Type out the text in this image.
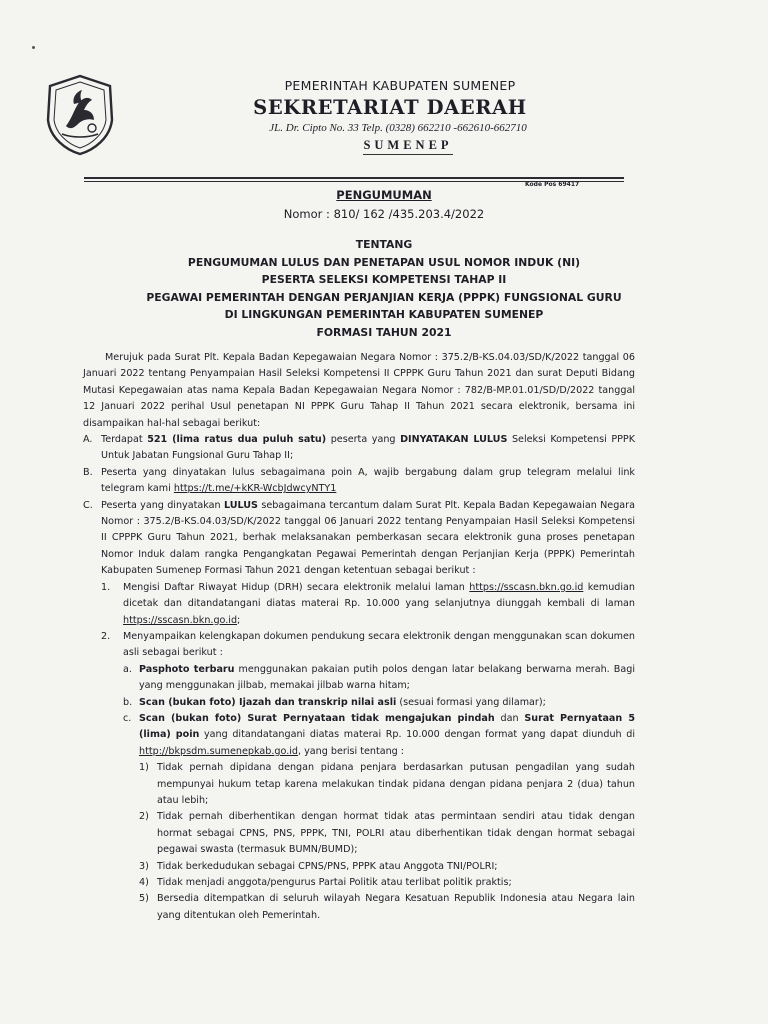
PEMERINTAH KABUPATEN SUMENEP
SEKRETARIAT DAERAH
JL. Dr. Cipto No. 33 Telp. (0328) 662210 -662610-662710
SUMENEP
Kode Pos 69417
PENGUMUMAN
Nomor : 810/ 162 /435.203.4/2022
TENTANG
PENGUMUMAN LULUS DAN PENETAPAN USUL NOMOR INDUK (NI)
PESERTA SELEKSI KOMPETENSI TAHAP II
PEGAWAI PEMERINTAH DENGAN PERJANJIAN KERJA (PPPK) FUNGSIONAL GURU
DI LINGKUNGAN PEMERINTAH KABUPATEN SUMENEP
FORMASI TAHUN 2021
Merujuk pada Surat Plt. Kepala Badan Kepegawaian Negara Nomor : 375.2/B-KS.04.03/SD/K/2022 tanggal 06 Januari 2022 tentang Penyampaian Hasil Seleksi Kompetensi II CPPPK Guru Tahun 2021 dan surat Deputi Bidang Mutasi Kepegawaian atas nama Kepala Badan Kepegawaian Negara Nomor : 782/B-MP.01.01/SD/D/2022 tanggal 12 Januari 2022 perihal Usul penetapan NI PPPK Guru Tahap II Tahun 2021 secara elektronik, bersama ini disampaikan hal-hal sebagai berikut:
A. Terdapat 521 (lima ratus dua puluh satu) peserta yang DINYATAKAN LULUS Seleksi Kompetensi PPPK Untuk Jabatan Fungsional Guru Tahap II;
B. Peserta yang dinyatakan lulus sebagaimana poin A, wajib bergabung dalam grup telegram melalui link telegram kami https://t.me/+kKR-WcbJdwcyNTY1
C. Peserta yang dinyatakan LULUS sebagaimana tercantum dalam Surat Plt. Kepala Badan Kepegawaian Negara Nomor : 375.2/B-KS.04.03/SD/K/2022 tanggal 06 Januari 2022 tentang Penyampaian Hasil Seleksi Kompetensi II CPPPK Guru Tahun 2021, berhak melaksanakan pemberkasan secara elektronik guna proses penetapan Nomor Induk dalam rangka Pengangkatan Pegawai Pemerintah dengan Perjanjian Kerja (PPPK) Pemerintah Kabupaten Sumenep Formasi Tahun 2021 dengan ketentuan sebagai berikut :
1.	Mengisi Daftar Riwayat Hidup (DRH) secara elektronik melalui laman https://sscasn.bkn.go.id kemudian dicetak dan ditandatangani diatas materai Rp. 10.000 yang selanjutnya diunggah kembali di laman https://sscasn.bkn.go.id;
2.	Menyampaikan kelengkapan dokumen pendukung secara elektronik dengan menggunakan scan dokumen asli sebagai berikut :
a. Pasphoto terbaru menggunakan pakaian putih polos dengan latar belakang berwarna merah. Bagi yang menggunakan jilbab, memakai jilbab warna hitam;
b. Scan (bukan foto) Ijazah dan transkrip nilai asli (sesuai formasi yang dilamar);
c. Scan (bukan foto) Surat Pernyataan tidak mengajukan pindah dan Surat Pernyataan 5 (lima) poin yang ditandatangani diatas materai Rp. 10.000 dengan format yang dapat diunduh di http://bkpsdm.sumenepkab.go.id, yang berisi tentang :
1) Tidak pernah dipidana dengan pidana penjara berdasarkan putusan pengadilan yang sudah mempunyai hukum tetap karena melakukan tindak pidana dengan pidana penjara 2 (dua) tahun atau lebih;
2) Tidak pernah diberhentikan dengan hormat tidak atas permintaan sendiri atau tidak dengan hormat sebagai CPNS, PNS, PPPK, TNI, POLRI atau diberhentikan tidak dengan hormat sebagai pegawai swasta (termasuk BUMN/BUMD);
3) Tidak berkedudukan sebagai CPNS/PNS, PPPK atau Anggota TNI/POLRI;
4) Tidak menjadi anggota/pengurus Partai Politik atau terlibat politik praktis;
5) Bersedia ditempatkan di seluruh wilayah Negara Kesatuan Republik Indonesia atau Negara lain yang ditentukan oleh Pemerintah.
